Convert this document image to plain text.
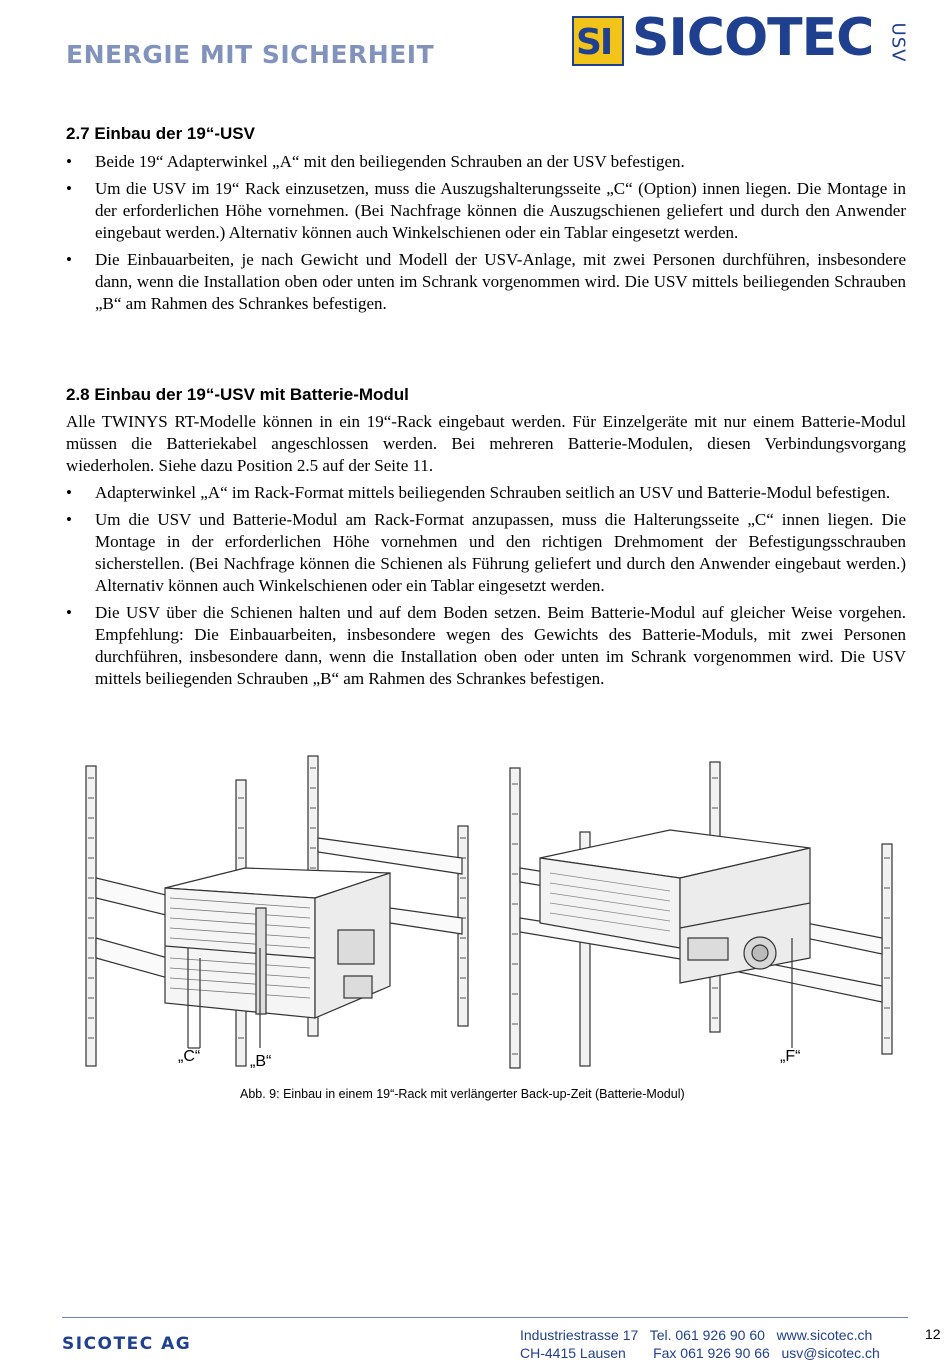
ENERGIE MIT SICHERHEIT	SI SICOTEC USV
2.7 Einbau der 19“-USV
• Beide 19“ Adapterwinkel „A“ mit den beiliegenden Schrauben an der USV befestigen.
• Um die USV im 19“ Rack einzusetzen, muss die Auszugshalterungsseite „C“ (Option) innen liegen. Die Montage in der erforderlichen Höhe vornehmen. (Bei Nachfrage können die Auszugschienen geliefert und durch den Anwender eingebaut werden.) Alternativ können auch Winkelschienen oder ein Tablar eingesetzt werden.
• Die Einbauarbeiten, je nach Gewicht und Modell der USV-Anlage, mit zwei Personen durchführen, insbesondere dann, wenn die Installation oben oder unten im Schrank vorgenommen wird. Die USV mittels beiliegenden Schrauben „B“ am Rahmen des Schrankes befestigen.
2.8 Einbau der 19“-USV mit Batterie-Modul

Alle TWINYS RT-Modelle können in ein 19“-Rack eingebaut werden. Für Einzelgeräte mit nur einem Batterie-Modul müssen die Batteriekabel angeschlossen werden. Bei mehreren Batterie-Modulen, diesen Verbindungsvorgang wiederholen. Siehe dazu Position 2.5 auf der Seite 11.

• Adapterwinkel „A“ im Rack-Format mittels beiliegenden Schrauben seitlich an USV und Batterie-Modul befestigen.
• Um die USV und Batterie-Modul am Rack-Format anzupassen, muss die Halterungsseite „C“ innen liegen. Die Montage in der erforderlichen Höhe vornehmen und den richtigen Drehmoment der Befestigungsschrauben sicherstellen. (Bei Nachfrage können die Schienen als Führung geliefert und durch den Anwender eingebaut werden.) Alternativ können auch Winkelschienen oder ein Tablar eingesetzt werden.
• Die USV über die Schienen halten und auf dem Boden setzen. Beim Batterie-Modul auf gleicher Weise vorgehen. Empfehlung: Die Einbauarbeiten, insbesondere wegen des Gewichts des Batterie-Moduls, mit zwei Personen durchführen, insbesondere dann, wenn die Installation oben oder unten im Schrank vorgenommen wird. Die USV mittels beiliegenden Schrauben „B“ am Rahmen des Schrankes befestigen.
„C“	„B“	„F“
Abb. 9: Einbau in einem 19“-Rack mit verlängerter Back-up-Zeit (Batterie-Modul)
SICOTEC AG	Industriestrasse 17   Tel. 061 926 90 60   www.sicotec.ch
CH-4415 Lausen       Fax 061 926 90 66   usv@sicotec.ch
12
